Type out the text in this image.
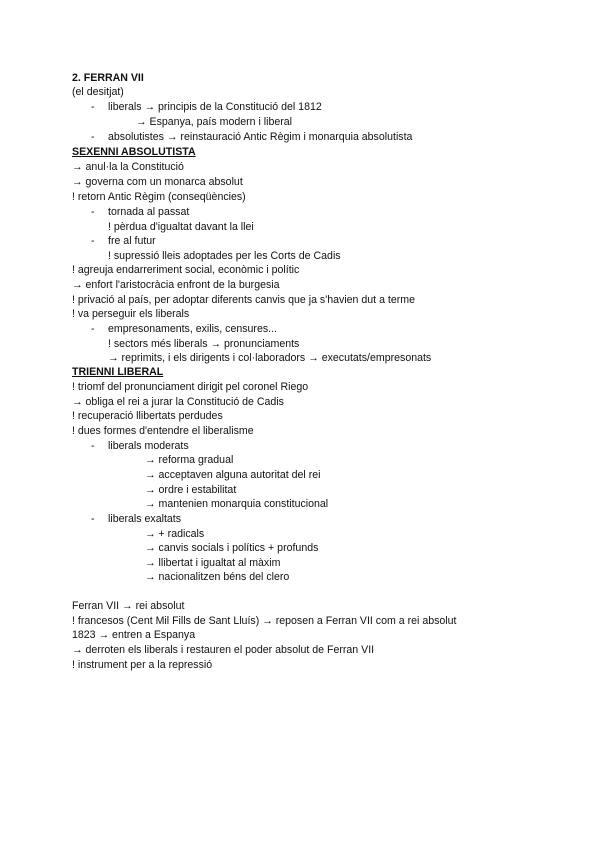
2. FERRAN VII
(el desitjat)
- liberals → principis de la Constitució del 1812
→ Espanya, país modern i liberal
- absolutistes → reinstauració Antic Règim i monarquia absolutista
SEXENNI ABSOLUTISTA
→ anul·la la Constitució
→ governa com un monarca absolut
! retorn Antic Règim (conseqüències)
- tornada al passat
! pèrdua d'igualtat davant la llei
- fre al futur
! supressió lleis adoptades per les Corts de Cadis
! agreuja endarreriment social, econòmic i polític
→ enfort l'aristocràcia enfront de la burgesia
! privació al país, per adoptar diferents canvis que ja s'havien dut a terme
! va perseguir els liberals
- empresonaments, exilis, censures...
! sectors més liberals → pronunciaments
→ reprimits, i els dirigents i col·laboradors → executats/empresonats
TRIENNI LIBERAL
! triomf del pronunciament dirigit pel coronel Riego
→ obliga el rei a jurar la Constitució de Cadis
! recuperació llibertats perdudes
! dues formes d'entendre el liberalisme
- liberals moderats
→ reforma gradual
→ acceptaven alguna autoritat del rei
→ ordre i estabilitat
→ mantenien monarquia constitucional
- liberals exaltats
→ + radicals
→ canvis socials i polítics + profunds
→ llibertat i igualtat al màxim
→ nacionalitzen béns del clero
Ferran VII → rei absolut
! francesos (Cent Mil Fills de Sant Lluís) → reposen a Ferran VII com a rei absolut
1823 → entren a Espanya
→ derroten els liberals i restauren el poder absolut de Ferran VII
! instrument per a la repressió
